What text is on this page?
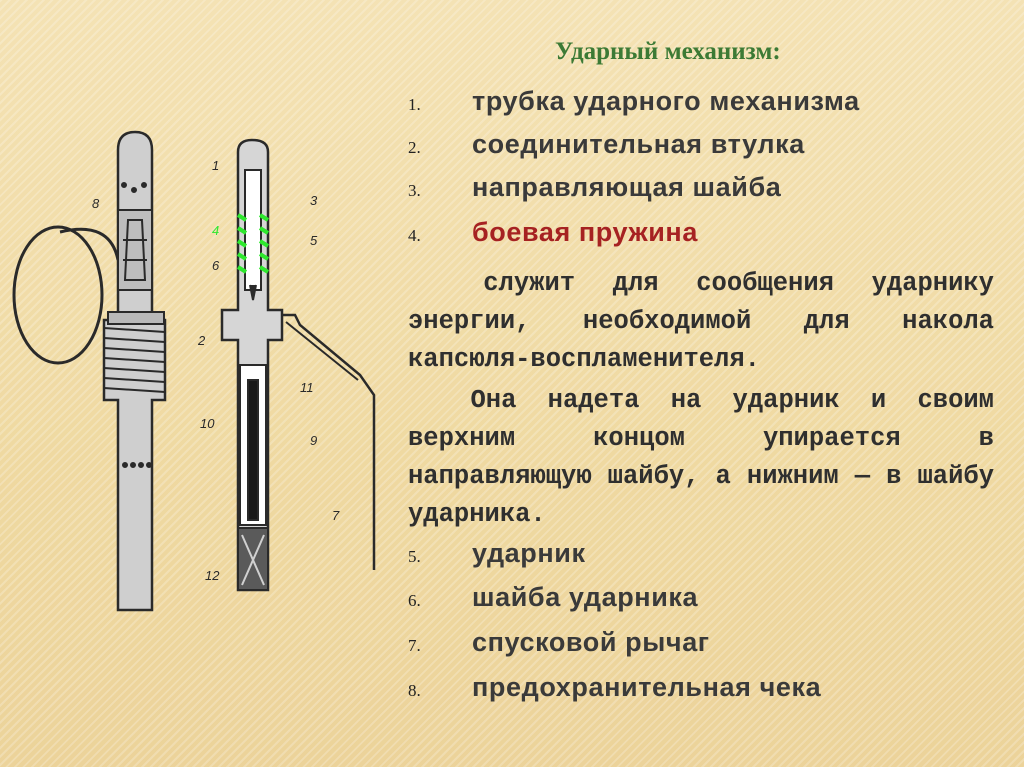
1
2
3
4
5
6
7
8
9
10
11
12
Ударный механизм:
1. трубка ударного механизма
2. соединительная втулка
3. направляющая шайба
4. боевая пружина

служит для сообщения ударнику энергии, необходимой для накола капсюля-воспламенителя.

Она надета на ударник и своим верхним концом упирается в направляющую шайбу, а нижним — в шайбу ударника.

5. ударник
6. шайба ударника
7. спусковой рычаг
8. предохранительная чека
